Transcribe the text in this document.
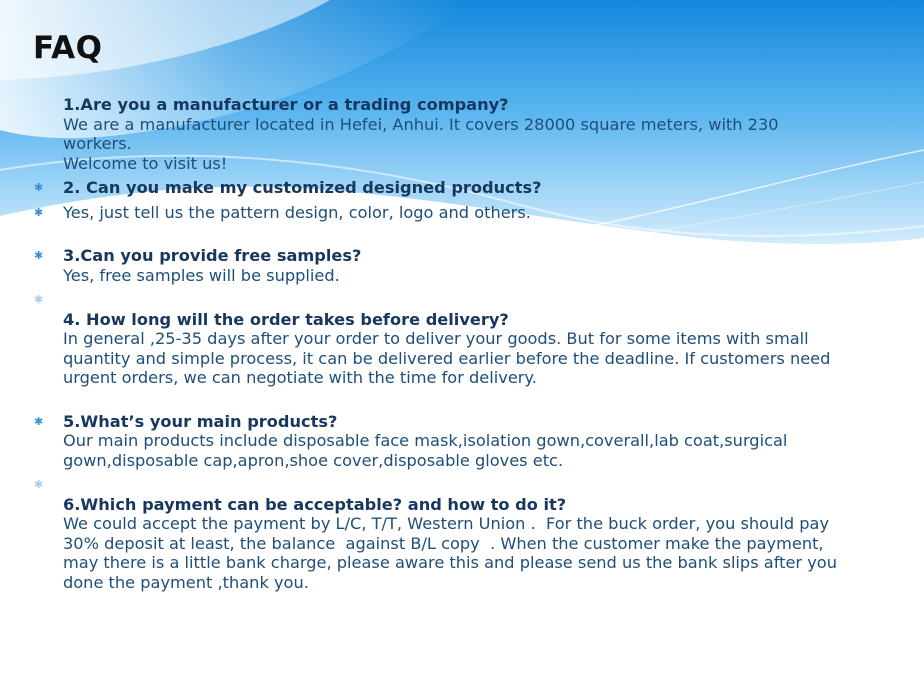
FAQ
1.Are you a manufacturer or a trading company?
We are a manufacturer located in Hefei, Anhui. It covers 28000 square meters, with 230
workers.
Welcome to visit us!
✱ 2. Can you make my customized designed products?
✱ Yes, just tell us the pattern design, color, logo and others.
✱ 3.Can you provide free samples?
Yes, free samples will be supplied.
✱

4. How long will the order takes before delivery?
In general ,25-35 days after your order to deliver your goods. But for some items with small
quantity and simple process, it can be delivered earlier before the deadline. If customers need
urgent orders, we can negotiate with the time for delivery.
✱ 5.What’s your main products?
Our main products include disposable face mask,isolation gown,coverall,lab coat,surgical
gown,disposable cap,apron,shoe cover,disposable gloves etc.
✱

6.Which payment can be acceptable? and how to do it?
We could accept the payment by L/C, T/T, Western Union .  For the buck order, you should pay
30% deposit at least, the balance  against B/L copy  . When the customer make the payment,
may there is a little bank charge, please aware this and please send us the bank slips after you
done the payment ,thank you.
